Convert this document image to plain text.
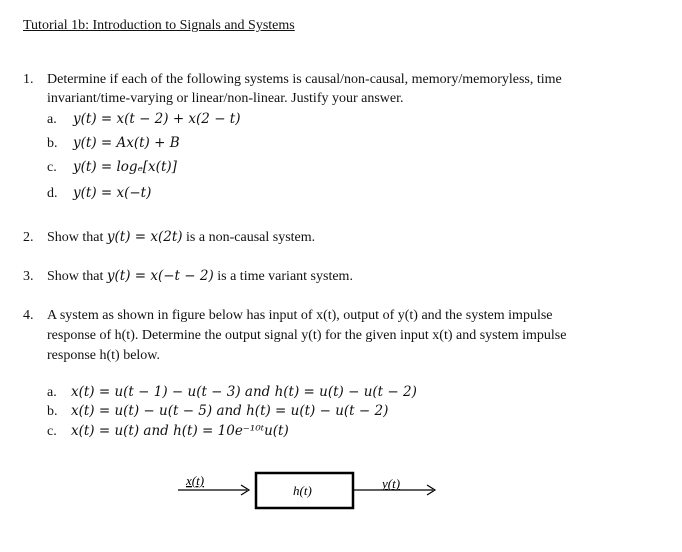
Tutorial 1b: Introduction to Signals and Systems
1. Determine if each of the following systems is causal/non-causal, memory/memoryless, time
invariant/time-varying or linear/non-linear. Justify your answer.
a. y(t) = x(t − 2) + x(2 − t)
b. y(t) = Ax(t) + B
c. y(t) = logₑ[x(t)]
d. y(t) = x(−t)
2. Show that y(t) = x(2t) is a non-causal system.
3. Show that y(t) = x(−t − 2) is a time variant system.
4. A system as shown in figure below has input of x(t), output of y(t) and the system impulse
response of h(t). Determine the output signal y(t) for the given input x(t) and system impulse
response h(t) below.
a. x(t) = u(t − 1) − u(t − 3) and h(t) = u(t) − u(t − 2)
b. x(t) = u(t) − u(t − 5) and h(t) = u(t) − u(t − 2)
c. x(t) = u(t) and h(t) = 10e⁻¹⁰ᵗu(t)
x(t)
h(t)	y(t)
